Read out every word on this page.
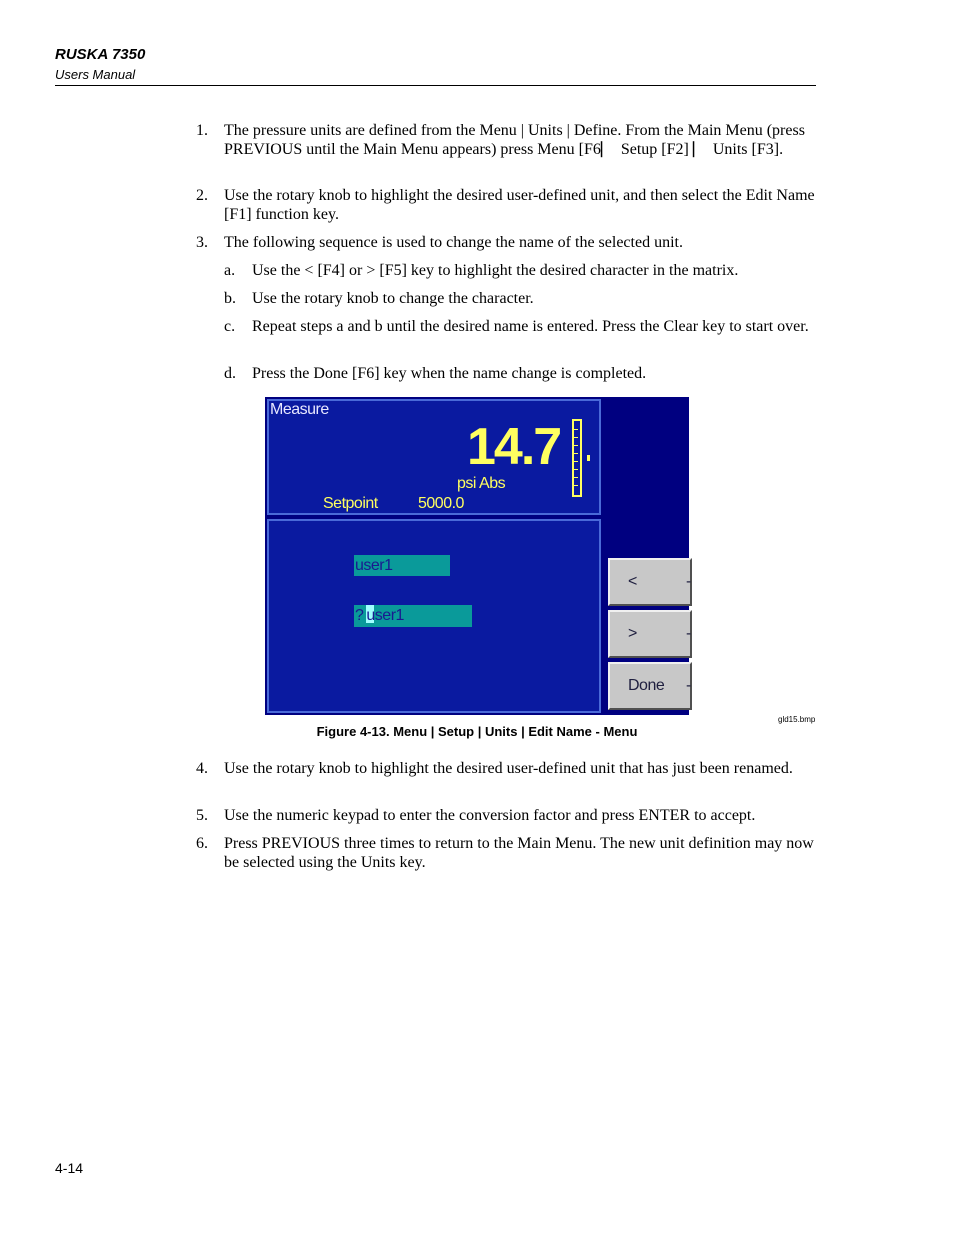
RUSKA 7350
Users Manual
1. The pressure units are defined from the Menu | Units | Define. From the Main Menu (press PREVIOUS until the Main Menu appears) press Menu [F6⎸ Setup [F2] ⎸ Units [F3].
2. Use the rotary knob to highlight the desired user-defined unit, and then select the Edit Name [F1] function key.
3. The following sequence is used to change the name of the selected unit.
a. Use the < [F4] or > [F5] key to highlight the desired character in the matrix.
b. Use the rotary knob to change the character.
c. Repeat steps a and b until the desired name is entered. Press the Clear key to start over.
d. Press the Done [F6] key when the name change is completed.
Measure
14.7
psi Abs
Setpoint	5000.0
user1
? user1
<	-
>	-
Done -
gld15.bmp
Figure 4-13. Menu | Setup | Units | Edit Name - Menu
4. Use the rotary knob to highlight the desired user-defined unit that has just been renamed.
5. Use the numeric keypad to enter the conversion factor and press ENTER to accept.
6. Press PREVIOUS three times to return to the Main Menu. The new unit definition may now be selected using the Units key.
4-14
